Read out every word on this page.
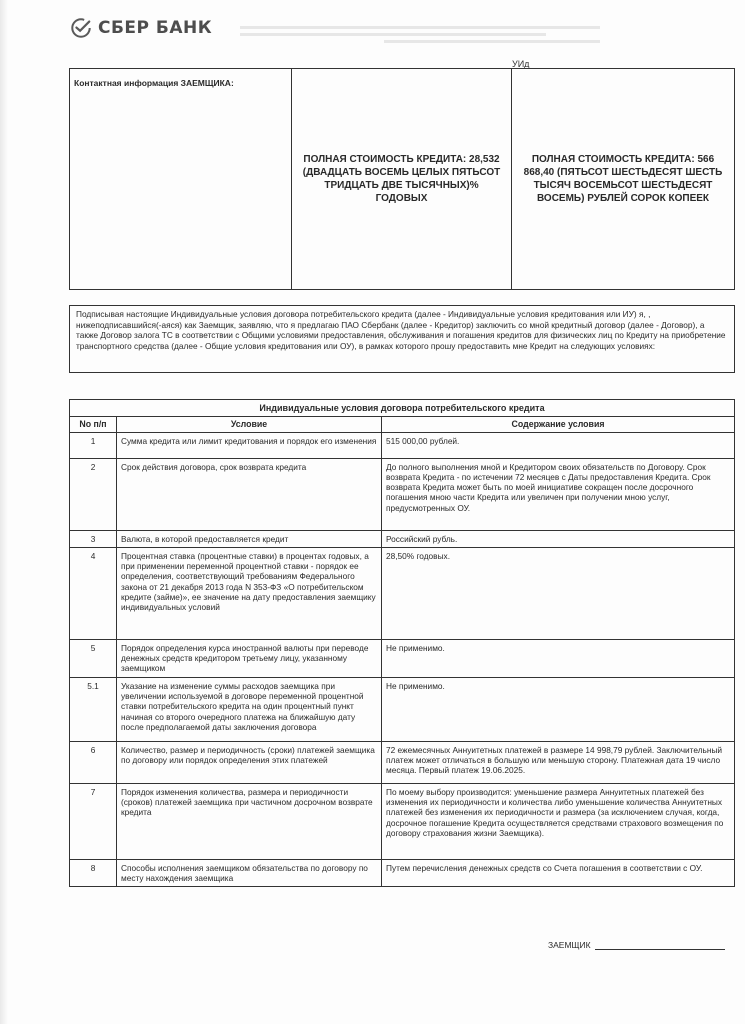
СБЕР БАНК
УИд
Контактная информация ЗАЕМЩИКА:
ПОЛНАЯ СТОИМОСТЬ КРЕДИТА: 28,532 (ДВАДЦАТЬ ВОСЕМЬ ЦЕЛЫХ ПЯТЬСОТ ТРИДЦАТЬ ДВЕ ТЫСЯЧНЫХ)% ГОДОВЫХ
ПОЛНАЯ СТОИМОСТЬ КРЕДИТА: 566 868,40 (ПЯТЬСОТ ШЕСТЬДЕСЯТ ШЕСТЬ ТЫСЯЧ ВОСЕМЬСОТ ШЕСТЬДЕСЯТ ВОСЕМЬ) РУБЛЕЙ СОРОК КОПЕЕК
Подписывая настоящие Индивидуальные условия договора потребительского кредита (далее - Индивидуальные условия кредитования или ИУ) я, , нижеподписавшийся(-аяся) как Заемщик, заявляю, что я предлагаю ПАО Сбербанк (далее - Кредитор) заключить со мной кредитный договор (далее - Договор), а также Договор залога ТС в соответствии с Общими условиями предоставления, обслуживания и погашения кредитов для физических лиц по Кредиту на приобретение транспортного средства (далее - Общие условия кредитования или ОУ), в рамках которого прошу предоставить мне Кредит на следующих условиях:
Индивидуальные условия договора потребительского кредита		
No п/п	Условие	Содержание условия
1	Сумма кредита или лимит кредитования и порядок его изменения	515 000,00 рублей.
2	Срок действия договора, срок возврата кредита	До полного выполнения мной и Кредитором своих обязательств по Договору. Срок возврата Кредита - по истечении 72 месяцев с Даты предоставления Кредита. Срок возврата Кредита может быть по моей инициативе сокращен после досрочного погашения мною части Кредита или увеличен при получении мною услуг, предусмотренных ОУ.
3	Валюта, в которой предоставляется кредит	Российский рубль.
4	Процентная ставка (процентные ставки) в процентах годовых, а при применении переменной процентной ставки - порядок ее определения, соответствующий требованиям Федерального закона от 21 декабря 2013 года N 353-ФЗ «О потребительском кредите (займе)», ее значение на дату предоставления заемщику индивидуальных условий	28,50% годовых.
5	Порядок определения курса иностранной валюты при переводе денежных средств кредитором третьему лицу, указанному заемщиком	Не применимо.
5.1	Указание на изменение суммы расходов заемщика при увеличении используемой в договоре переменной процентной ставки потребительского кредита на один процентный пункт начиная со второго очередного платежа на ближайшую дату после предполагаемой даты заключения договора	Не применимо.
6	Количество, размер и периодичность (сроки) платежей заемщика по договору или порядок определения этих платежей	72 ежемесячных Аннуитетных платежей в размере 14 998,79 рублей. Заключительный платеж может отличаться в большую или меньшую сторону. Платежная дата 19 число месяца. Первый платеж 19.06.2025.
7	Порядок изменения количества, размера и периодичности (сроков) платежей заемщика при частичном досрочном возврате кредита	По моему выбору производится: уменьшение размера Аннуитетных платежей без изменения их периодичности и количества либо уменьшение количества Аннуитетных платежей без изменения их периодичности и размера (за исключением случая, когда, досрочное погашение Кредита осуществляется средствами страхового возмещения по договору страхования жизни Заемщика).
8	Способы исполнения заемщиком обязательства по договору по месту нахождения заемщика	Путем перечисления денежных средств со Счета погашения в соответствии с ОУ.
ЗАЕМЩИК
